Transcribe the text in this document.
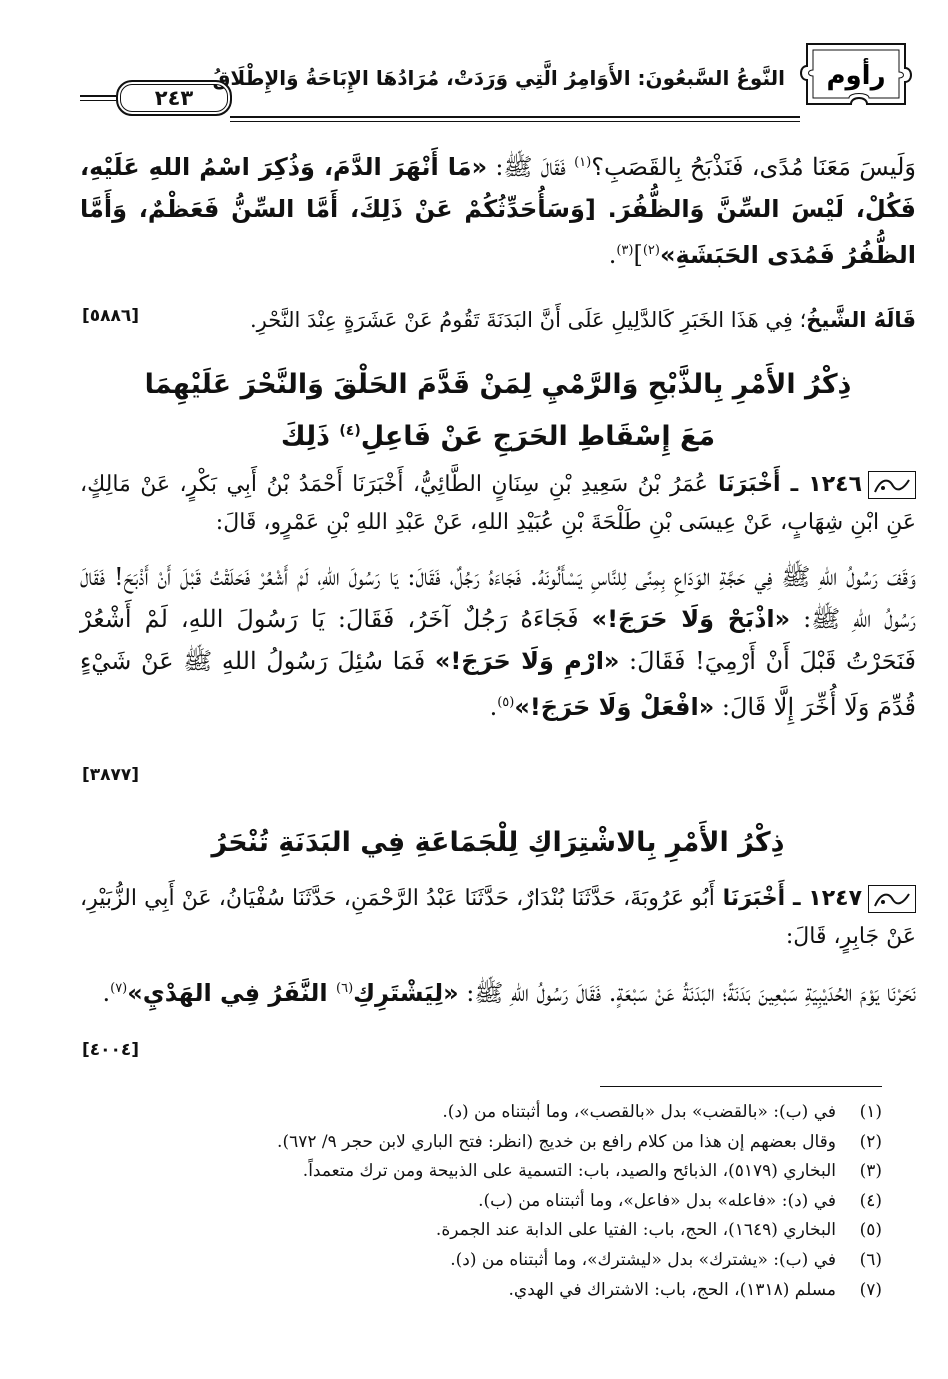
رأوم
النَّوعُ السَّبعُونَ: الأَوَامِرُ الَّتِي وَرَدَتْ، مُرَادُهَا الإِبَاحَةُ وَالإِطْلَاقُ...
٢٤٣
وَلَيسَ مَعَنَا مُدًى، فَنَذْبَحُ بِالقَصَبِ؟$^{(١)}$ فَقَالَ ﷺ: «مَا أَنْهَرَ الدَّمَ، وَذُكِرَ اسْمُ اللهِ عَلَيْهِ، فَكُلْ، لَيْسَ السِّنَّ وَالظُّفُرَ. [وَسَأُحَدِّثُكُمْ عَنْ ذَلِكَ، أَمَّا السِّنُّ فَعَظْمٌ، وَأَمَّا الظُّفُرُ فَمُدَى الحَبَشَةِ»$^{(٢)}$]$^{(٣)}$.
قَالَهُ الشَّيخُ؛ فِي هَذَا الخَبَرِ كَالدَّلِيلِ عَلَى أَنَّ البَدَنَةَ تَقُومُ عَنْ عَشَرَةٍ عِنْدَ النَّحْرِ.
[٥٨٨٦]
ذِكْرُ الأَمْرِ بِالذَّبْحِ وَالرَّمْيِ لِمَنْ قَدَّمَ الحَلْقَ وَالنَّحْرَ عَلَيْهِمَا
مَعَ إِسْقَاطِ الحَرَجِ عَنْ فَاعِلِ$^{(٤)}$ ذَلِكَ
١٢٤٦ ـ أَخْبَرَنَا عُمَرُ بْنُ سَعِيدِ بْنِ سِنَانٍ الطَّائِيُّ، أَخْبَرَنَا أَحْمَدُ بْنُ أَبِي بَكْرٍ، عَنْ مَالِكٍ، عَنِ ابْنِ شِهَابٍ، عَنْ عِيسَى بْنِ طَلْحَةَ بْنِ عُبَيْدِ اللهِ، عَنْ عَبْدِ اللهِ بْنِ عَمْرٍو، قَالَ:
وَقَفَ رَسُولُ اللهِ ﷺ فِي حَجَّةِ الوَدَاعِ بِمِنًى لِلنَّاسِ يَسْأَلُونَهُ. فَجَاءَهُ رَجُلٌ، فَقَالَ: يَا رَسُولَ اللهِ، لَمْ أَشْعُرْ فَحَلَقْتُ قَبْلَ أَنْ أَذْبَحَ! فَقَالَ رَسُولُ اللهِ ﷺ: «اذْبَحْ وَلَا حَرَجَ!» فَجَاءَهُ رَجُلٌ آخَرُ، فَقَالَ: يَا رَسُولَ اللهِ، لَمْ أَشْعُرْ فَنَحَرْتُ قَبْلَ أَنْ أَرْمِيَ! فَقَالَ: «ارْمِ وَلَا حَرَجَ!» فَمَا سُئِلَ رَسُولُ اللهِ ﷺ عَنْ شَيْءٍ قُدِّمَ وَلَا أُخِّرَ إِلَّا قَالَ: «افْعَلْ وَلَا حَرَجَ!»$^{(٥)}$.
[٣٨٧٧]
ذِكْرُ الأَمْرِ بِالاشْتِرَاكِ لِلْجَمَاعَةِ فِي البَدَنَةِ تُنْحَرُ
١٢٤٧ ـ أَخْبَرَنَا أَبُو عَرُوبَةَ، حَدَّثَنَا بُنْدَارٌ، حَدَّثَنَا عَبْدُ الرَّحْمَنِ، حَدَّثَنَا سُفْيَانُ، عَنْ أَبِي الزُّبَيْرِ، عَنْ جَابِرٍ، قَالَ:
نَحَرْنَا يَوْمَ الحُدَيْبِيَةِ سَبْعِينَ بَدَنَةً؛ البَدَنَةُ عَنْ سَبْعَةٍ. فَقَالَ رَسُولُ اللهِ ﷺ: «لِيَشْتَرِكِ$^{(٦)}$ النَّفَرُ فِي الهَدْيِ»$^{(٧)}$.
[٤٠٠٤]
(١)
في (ب): «بالقضب» بدل «بالقصب»، وما أثبتناه من (د).
(٢)
وقال بعضهم إن هذا من كلام رافع بن خديج (انظر: فتح الباري لابن حجر ٩/ ٦٧٢).
(٣)
البخاري (٥١٧٩)، الذبائح والصيد، باب: التسمية على الذبيحة ومن ترك متعمداً.
(٤)
في (د): «فاعله» بدل «فاعل»، وما أثبتناه من (ب).
(٥)
البخاري (١٦٤٩)، الحج، باب: الفتيا على الدابة عند الجمرة.
(٦)
في (ب): «يشترك» بدل «ليشترك»، وما أثبتناه من (د).
(٧)
مسلم (١٣١٨)، الحج، باب: الاشتراك في الهدي.
